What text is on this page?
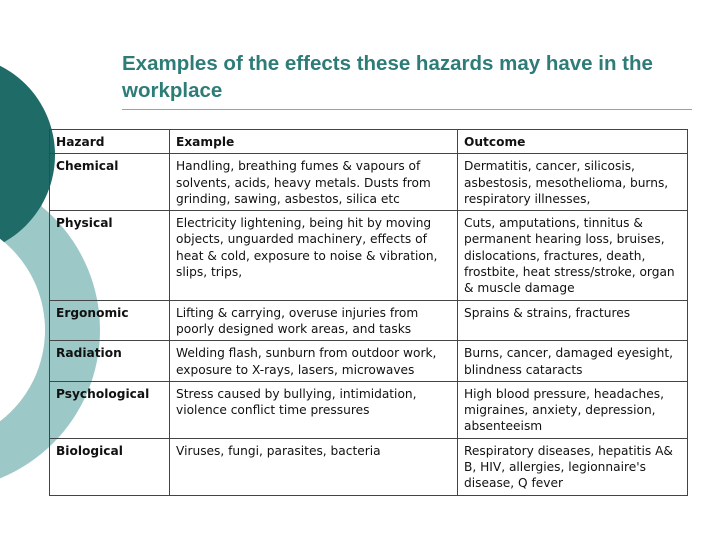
Examples of the effects these hazards may have in the workplace
Hazard	Example	Outcome
Chemical	Handling, breathing fumes & vapours of solvents, acids, heavy metals. Dusts from grinding, sawing, asbestos, silica etc	Dermatitis, cancer, silicosis, asbestosis, mesothelioma, burns, respiratory illnesses,
Physical	Electricity lightening, being hit by moving objects, unguarded machinery, effects of heat & cold, exposure to noise & vibration, slips, trips,	Cuts, amputations, tinnitus & permanent hearing loss, bruises, dislocations, fractures, death, frostbite, heat stress/stroke, organ & muscle damage
Ergonomic	Lifting & carrying, overuse injuries from poorly designed work areas, and tasks	Sprains & strains, fractures
Radiation	Welding flash, sunburn from outdoor work, exposure to X-rays, lasers, microwaves	Burns, cancer, damaged eyesight, blindness cataracts
Psychological	Stress caused by bullying, intimidation, violence conflict time pressures	High blood pressure, headaches, migraines, anxiety, depression, absenteeism
Biological	Viruses, fungi, parasites, bacteria	Respiratory diseases, hepatitis A& B, HIV, allergies, legionnaire's disease, Q fever
